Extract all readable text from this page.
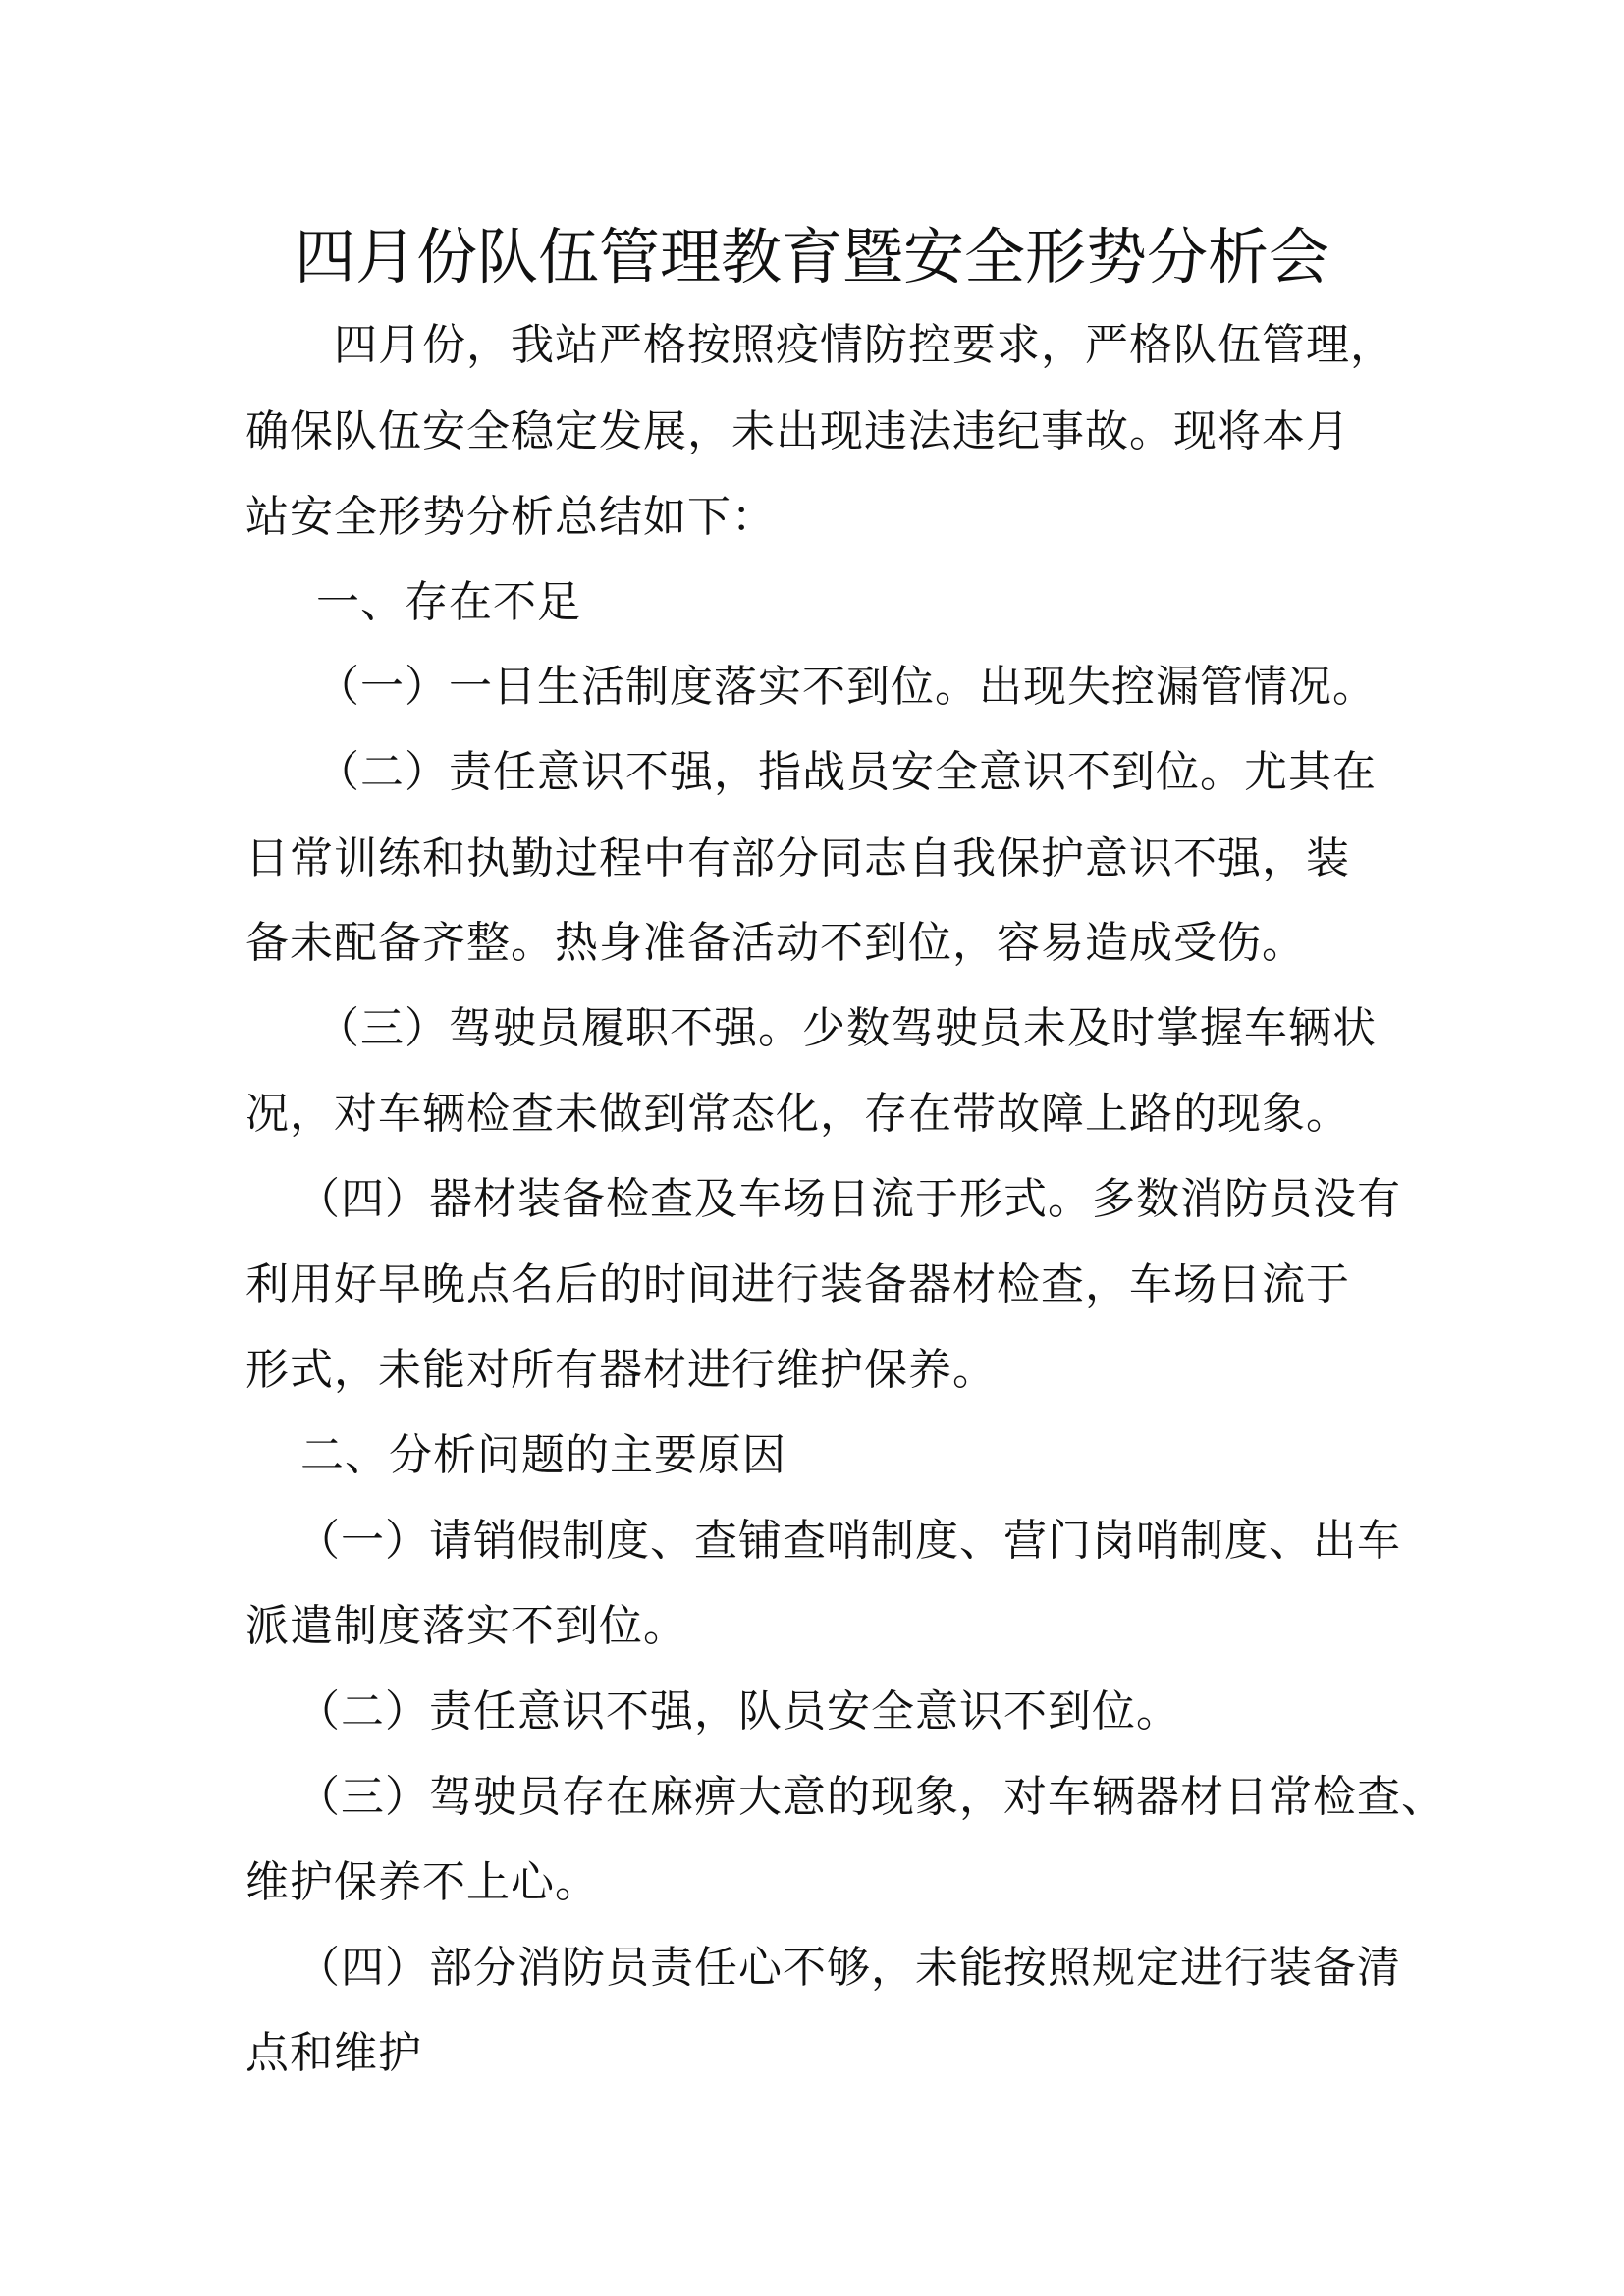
四月份队伍管理教育暨安全形势分析会
四月份，我站严格按照疫情防控要求，严格队伍管理，
确保队伍安全稳定发展，未出现违法违纪事故。现将本月
站安全形势分析总结如下：
一、存在不足
（一）一日生活制度落实不到位。出现失控漏管情况。
（二）责任意识不强，指战员安全意识不到位。尤其在
日常训练和执勤过程中有部分同志自我保护意识不强，装
备未配备齐整。热身准备活动不到位，容易造成受伤。
（三）驾驶员履职不强。少数驾驶员未及时掌握车辆状
况，对车辆检查未做到常态化，存在带故障上路的现象。
（四）器材装备检查及车场日流于形式。多数消防员没有
利用好早晚点名后的时间进行装备器材检查，车场日流于
形式，未能对所有器材进行维护保养。
二、分析问题的主要原因
（一）请销假制度、查铺查哨制度、营门岗哨制度、出车
派遣制度落实不到位。
（二）责任意识不强，队员安全意识不到位。
（三）驾驶员存在麻痹大意的现象，对车辆器材日常检查、
维护保养不上心。
（四）部分消防员责任心不够，未能按照规定进行装备清
点和维护
